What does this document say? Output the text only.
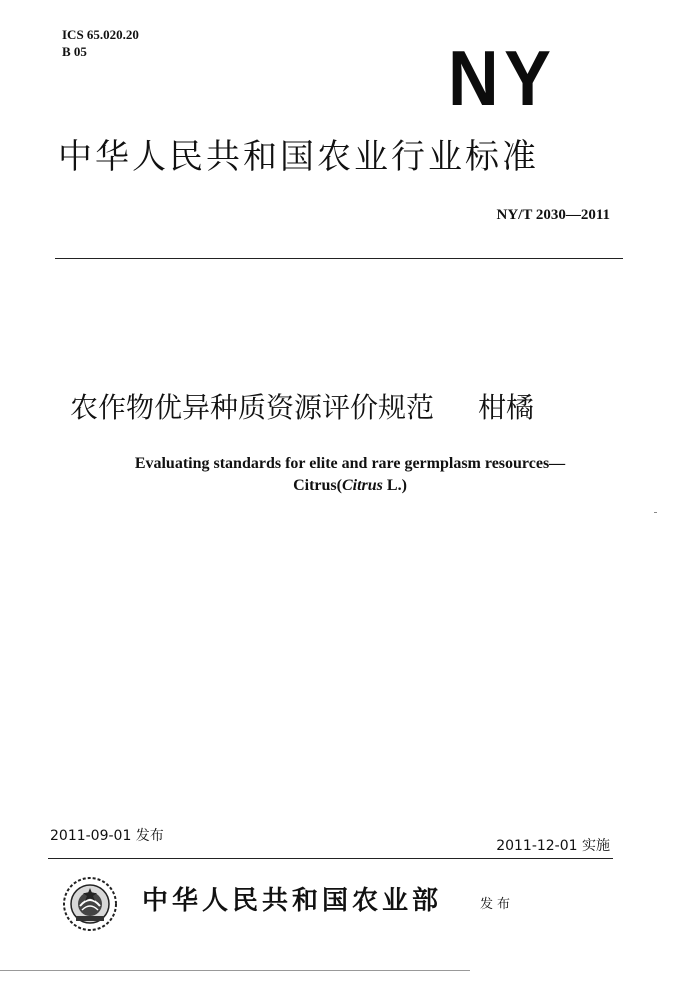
ICS 65.020.20
B 05	NY
中华人民共和国农业行业标准
NY/T 2030—2011
农作物优异种质资源评价规范 柑橘
Evaluating standards for elite and rare germplasm resources—
Citrus(Citrus L.)
2011-09-01 发布
2011-12-01 实施
中华人民共和国农业部	发布
